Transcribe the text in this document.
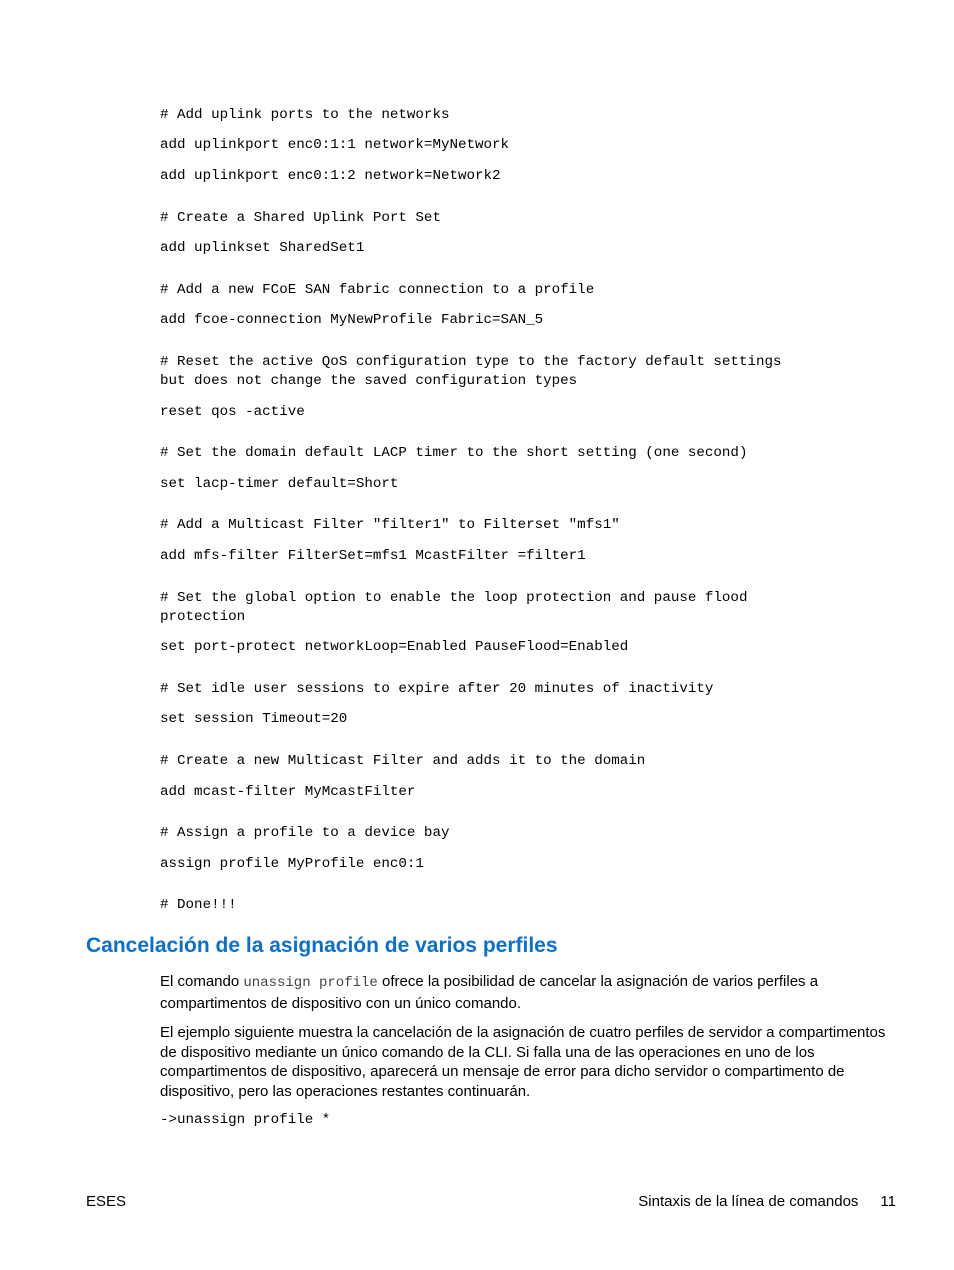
# Add uplink ports to the networks
add uplinkport enc0:1:1 network=MyNetwork
add uplinkport enc0:1:2 network=Network2
# Create a Shared Uplink Port Set
add uplinkset SharedSet1
# Add a new FCoE SAN fabric connection to a profile
add fcoe-connection MyNewProfile Fabric=SAN_5
# Reset the active QoS configuration type to the factory default settings
but does not change the saved configuration types
reset qos -active
# Set the domain default LACP timer to the short setting (one second)
set lacp-timer default=Short
# Add a Multicast Filter "filter1" to Filterset "mfs1"
add mfs-filter FilterSet=mfs1 McastFilter =filter1
# Set the global option to enable the loop protection and pause flood
protection
set port-protect networkLoop=Enabled PauseFlood=Enabled
# Set idle user sessions to expire after 20 minutes of inactivity
set session Timeout=20
# Create a new Multicast Filter and adds it to the domain
add mcast-filter MyMcastFilter
# Assign a profile to a device bay
assign profile MyProfile enc0:1
# Done!!!
Cancelación de la asignación de varios perfiles
El comando unassign profile ofrece la posibilidad de cancelar la asignación de varios perfiles a compartimentos de dispositivo con un único comando.
El ejemplo siguiente muestra la cancelación de la asignación de cuatro perfiles de servidor a compartimentos de dispositivo mediante un único comando de la CLI. Si falla una de las operaciones en uno de los compartimentos de dispositivo, aparecerá un mensaje de error para dicho servidor o compartimento de dispositivo, pero las operaciones restantes continuarán.
->unassign profile *
ESES	Sintaxis de la línea de comandos 11
